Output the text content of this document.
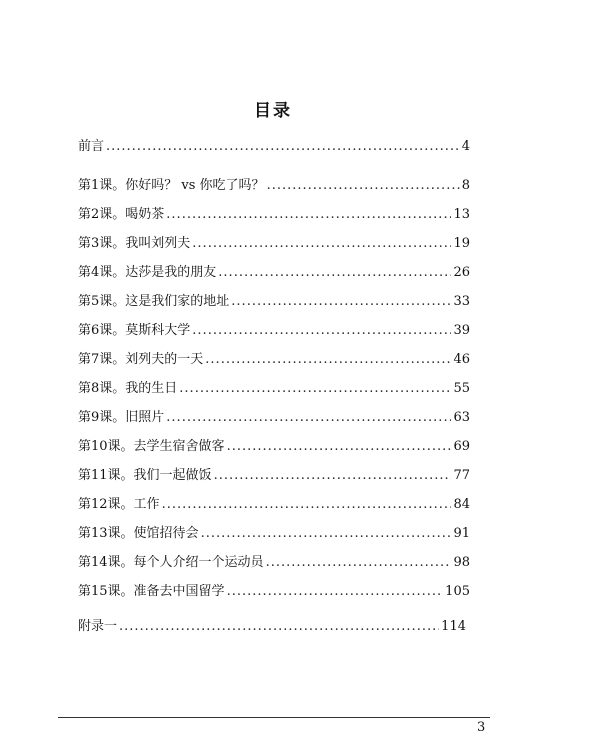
目录
前言 .....	4
第1课。 你好吗？ vs 你吃了吗？ .....	8
第2课。 喝奶茶 .....	13
第3课。 我叫刘列夫 .....	19
第4课。 达莎是我的朋友 .....	26
第5课。 这是我们家的地址 .....	33
第6课。 莫斯科大学 .....	39
第7课。 刘列夫的一天 .....	46
第8课。 我的生日 .....	55
第9课。 旧照片 .....	63
第10课。 去学生宿舍做客 .....	69
第11课。 我们一起做饭 .....	77
第12课。 工作 .....	84
第13课。 使馆招待会 .....	91
第14课。 每个人介绍一个运动员 .....	98
第15课。 准备去中国留学 .....	105
附录一 .....	114
3
